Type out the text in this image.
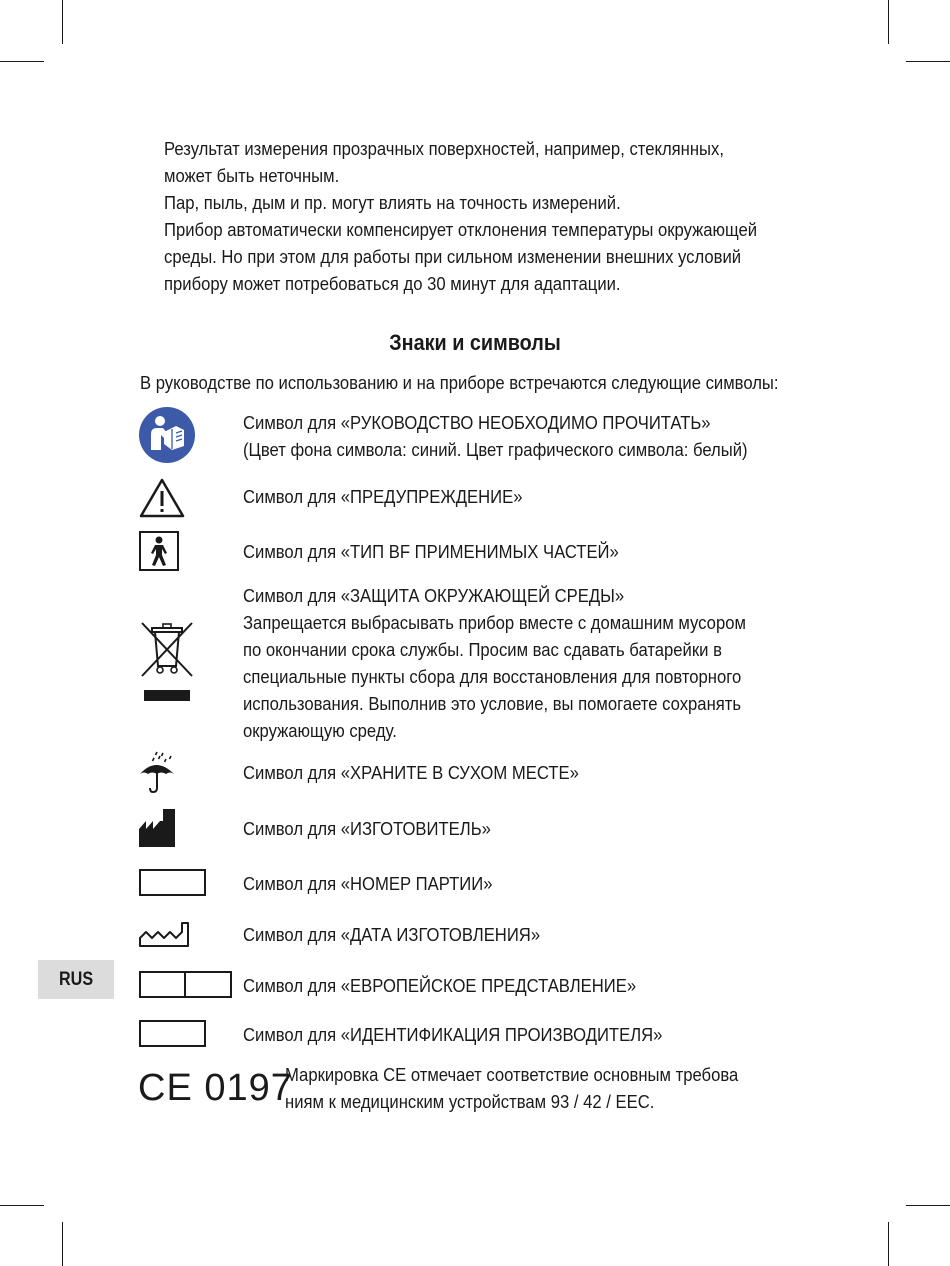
Результат измерения прозрачных поверхностей, например, стеклянных,
может быть неточным.
Пар, пыль, дым и пр. могут влиять на точность измерений.
Прибор автоматически компенсирует отклонения температуры окружающей
среды. Но при этом для работы при сильном изменении внешних условий
прибору может потребоваться до 30 минут для адаптации.
Знаки и символы
В руководстве по использованию и на приборе встречаются следующие символы:
Символ для «РУКОВОДСТВО НЕОБХОДИМО ПРОЧИТАТЬ»
(Цвет фона символа: синий. Цвет графического символа: белый)
Символ для «ПРЕДУПРЕЖДЕНИЕ»
Символ для «ТИП BF ПРИМЕНИМЫХ ЧАСТЕЙ»
Символ для «ЗАЩИТА ОКРУЖАЮЩЕЙ СРЕДЫ»
Запрещается выбрасывать прибор вместе с домашним мусором
по окончании срока службы. Просим вас сдавать батарейки в
специальные пункты сбора для восстановления для повторного
использования. Выполнив это условие, вы помогаете сохранять
окружающую среду.
Символ для «ХРАНИТЕ В СУХОМ МЕСТЕ»
Символ для «ИЗГОТОВИТЕЛЬ»
Символ для «НОМЕР ПАРТИИ»
Символ для «ДАТА ИЗГОТОВЛЕНИЯ»
Символ для «ЕВРОПЕЙСКОЕ ПРЕДСТАВЛЕНИЕ»
Символ для «ИДЕНТИФИКАЦИЯ ПРОИЗВОДИТЕЛЯ»
CE 0197
Маркировка CE отмечает соответствие основным требова
ниям к медицинским устройствам 93 / 42 / EEC.
RUS
